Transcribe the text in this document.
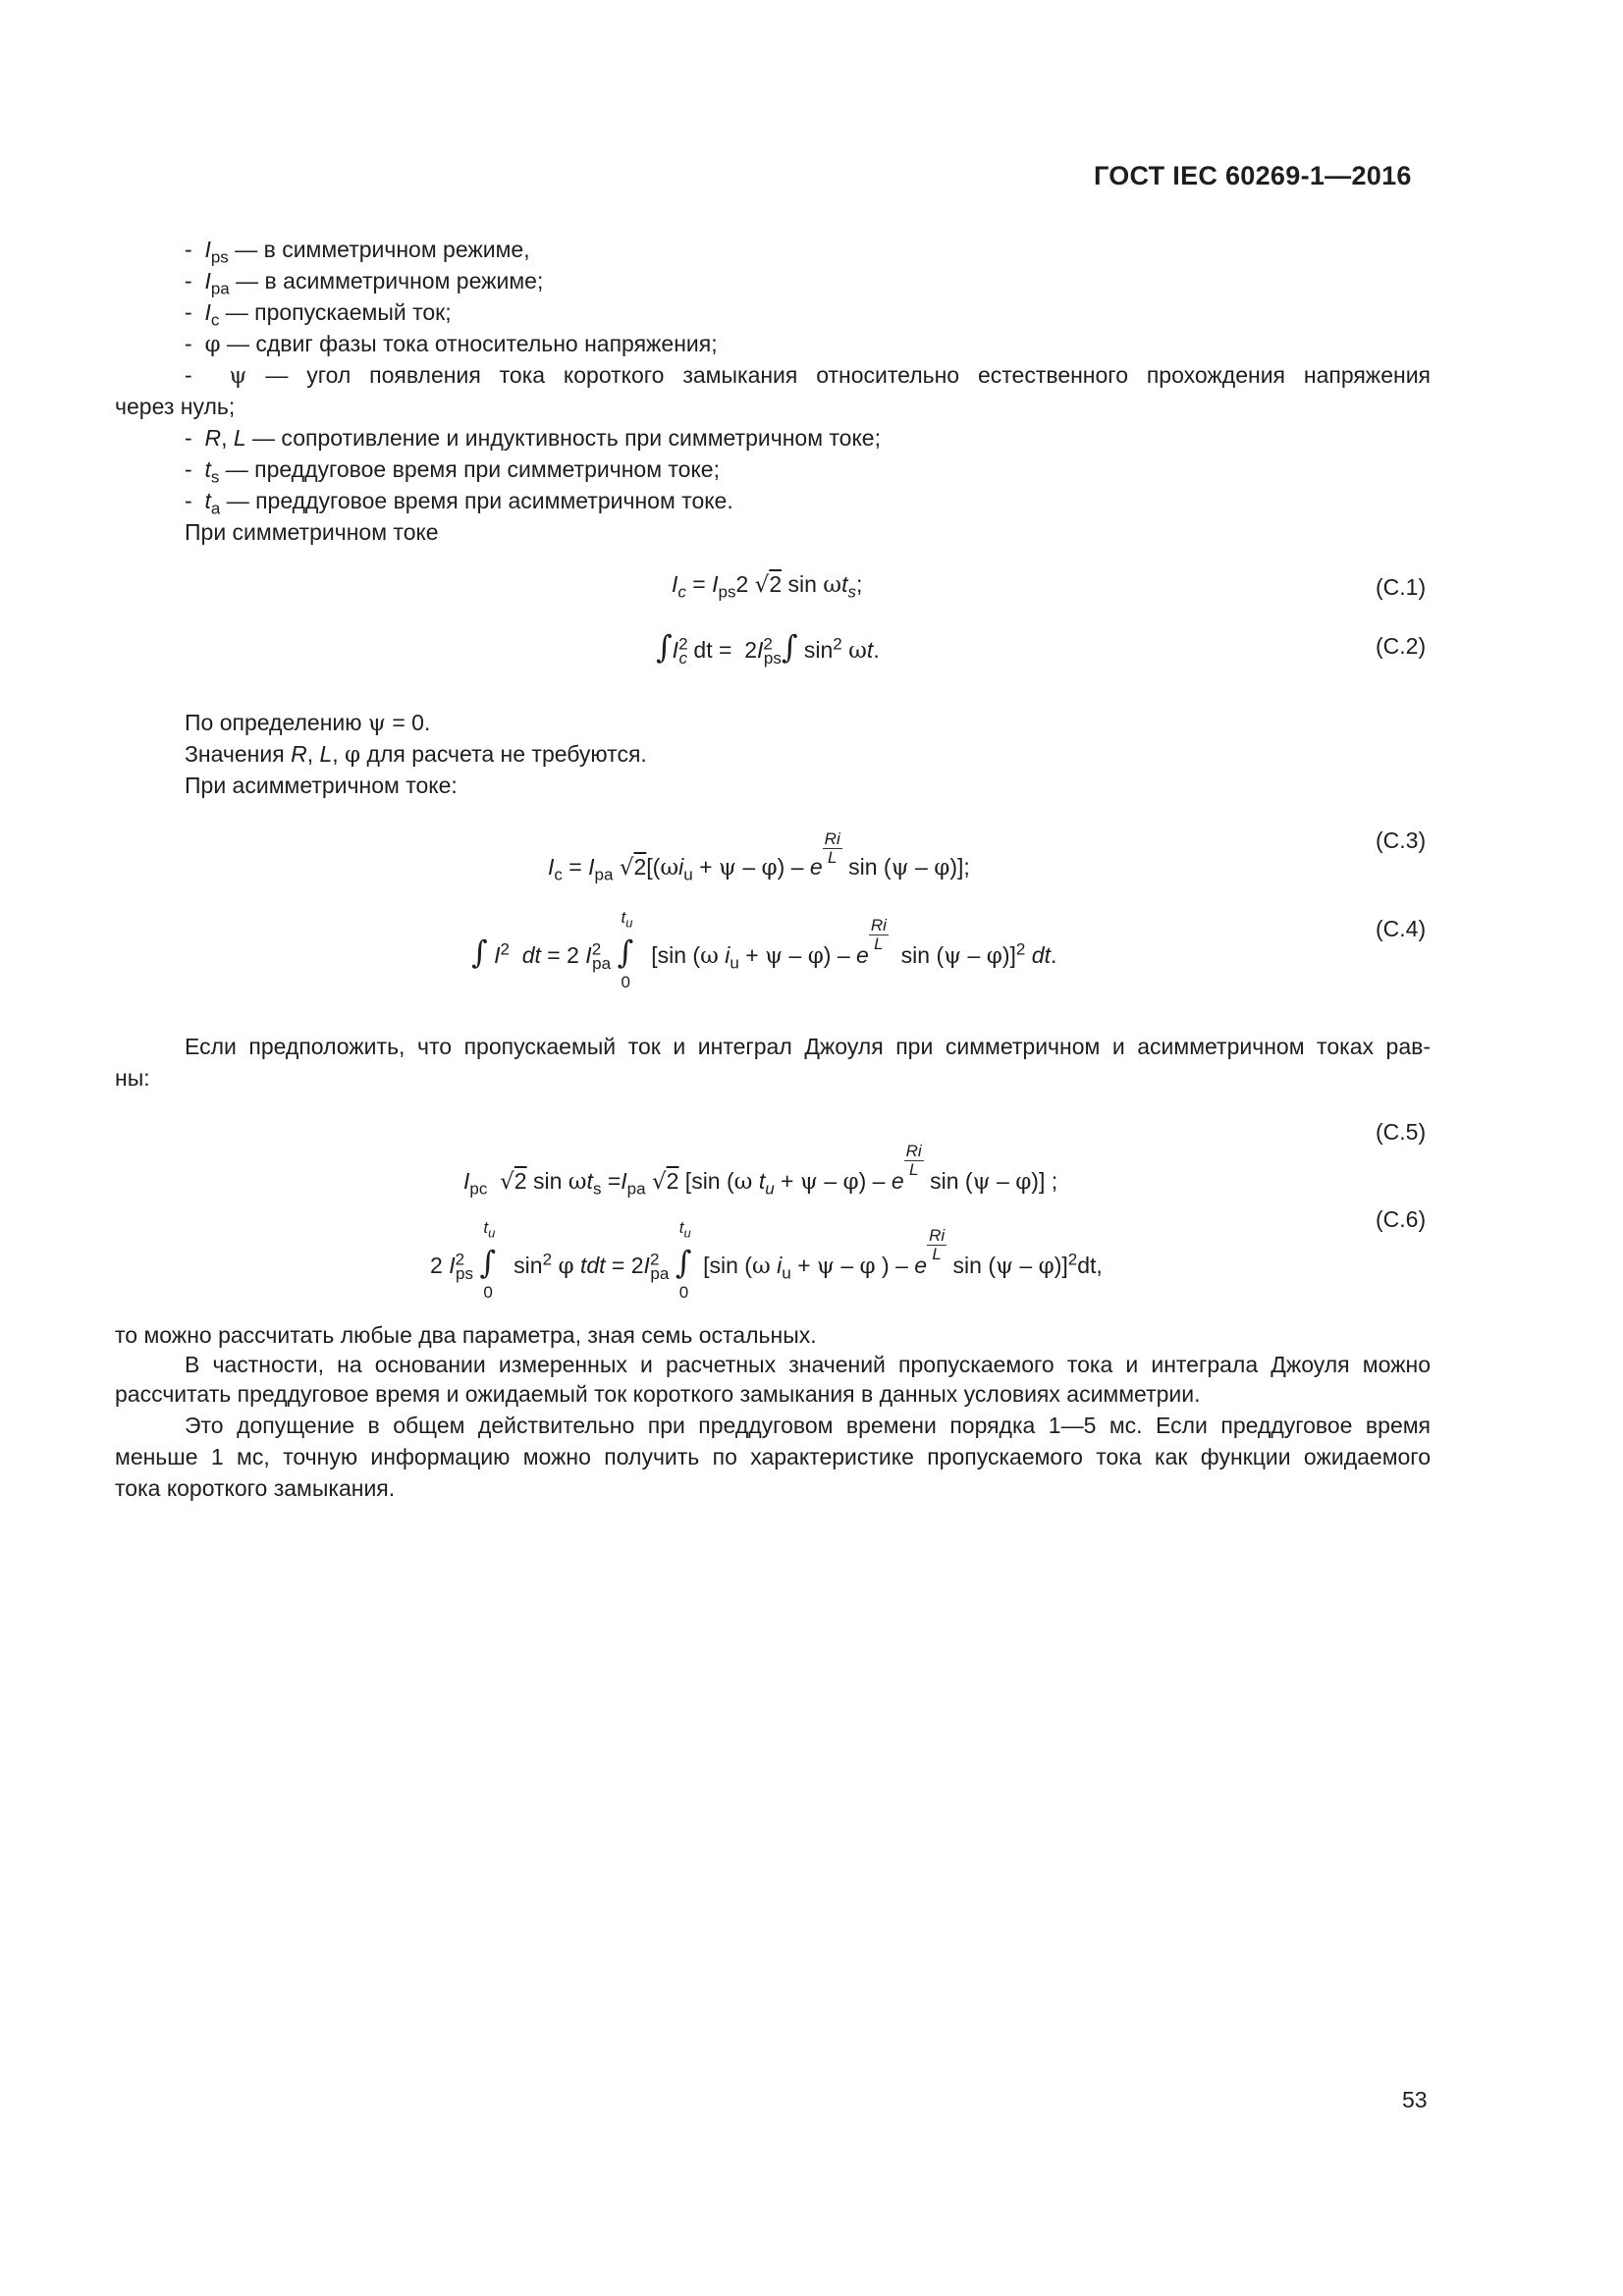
ГОСТ IEC 60269-1—2016
-  $I_{ps}$ — в симметричном режиме,
-  $I_{pa}$ — в асимметричном режиме;
-  $I_c$ — пропускаемый ток;
-  φ — сдвиг фазы тока относительно напряжения;
-  ψ — угол появления тока короткого замыкания относительно естественного прохождения напряжения
через нуль;
-  R, L — сопротивление и индуктивность при симметричном токе;
-  $t_s$ — преддуговое время при симметричном токе;
-  $t_a$ — преддуговое время при асимметричном токе.
При симметричном токе
$I_c = I_{ps}2$ √2 $\sin \omega t_s$;	(С.1)
$\int I^2_c$ dt =  $2I^2_{ps}\int$ $\sin^2 \omega t$.	(С.2)
По определению ψ = 0.
Значения R, L, φ для расчета не требуются.
При асимметричном токе:
$I_c = I_{pa}$ $√2[(\omega i_u + \psi - \varphi) - e \frac{Ri}{L}$ sin (ψ – φ)];
(С.3)
∫ $I^2$ dt = 2 $I^2_{pa}$ ∫
$t_u$
0
[sin (ω $i_u + \psi - \varphi) - e$
$\frac{Ri}{L}$
sin (ψ – φ)]$^2$ dt.
(С.4)
Если предположить, что пропускаемый ток и интеграл Джоуля при симметричном и асимметричном токах рав-
ны:
$I_{pc}$ √2 $\sin \omega t_s =I_{pa}$ √2 [sin (ω $t_u + \psi - \varphi) - e$
$\frac{Ri}{L}$
sin (ψ – φ)] ;
(С.5)
2 $I^2_{ps}$ ∫
$t_u$
0
$\sin^2 \varphi$ tdt = $2I^2_{pa}$ ∫
$t_u$
0
[sin (ω $i_u + \psi - \varphi$ ) – e
$\frac{Ri}{L}$
sin (ψ – φ)]$^2$dt,
(С.6)
то можно рассчитать любые два параметра, зная семь остальных.
В частности, на основании измеренных и расчетных значений пропускаемого тока и интеграла Джоуля можно
рассчитать преддуговое время и ожидаемый ток короткого замыкания в данных условиях асимметрии.
Это допущение в общем действительно при преддуговом времени порядка 1—5 мс. Если преддуговое время
меньше 1 мс, точную информацию можно получить по характеристике пропускаемого тока как функции ожидаемого
тока короткого замыкания.
53
